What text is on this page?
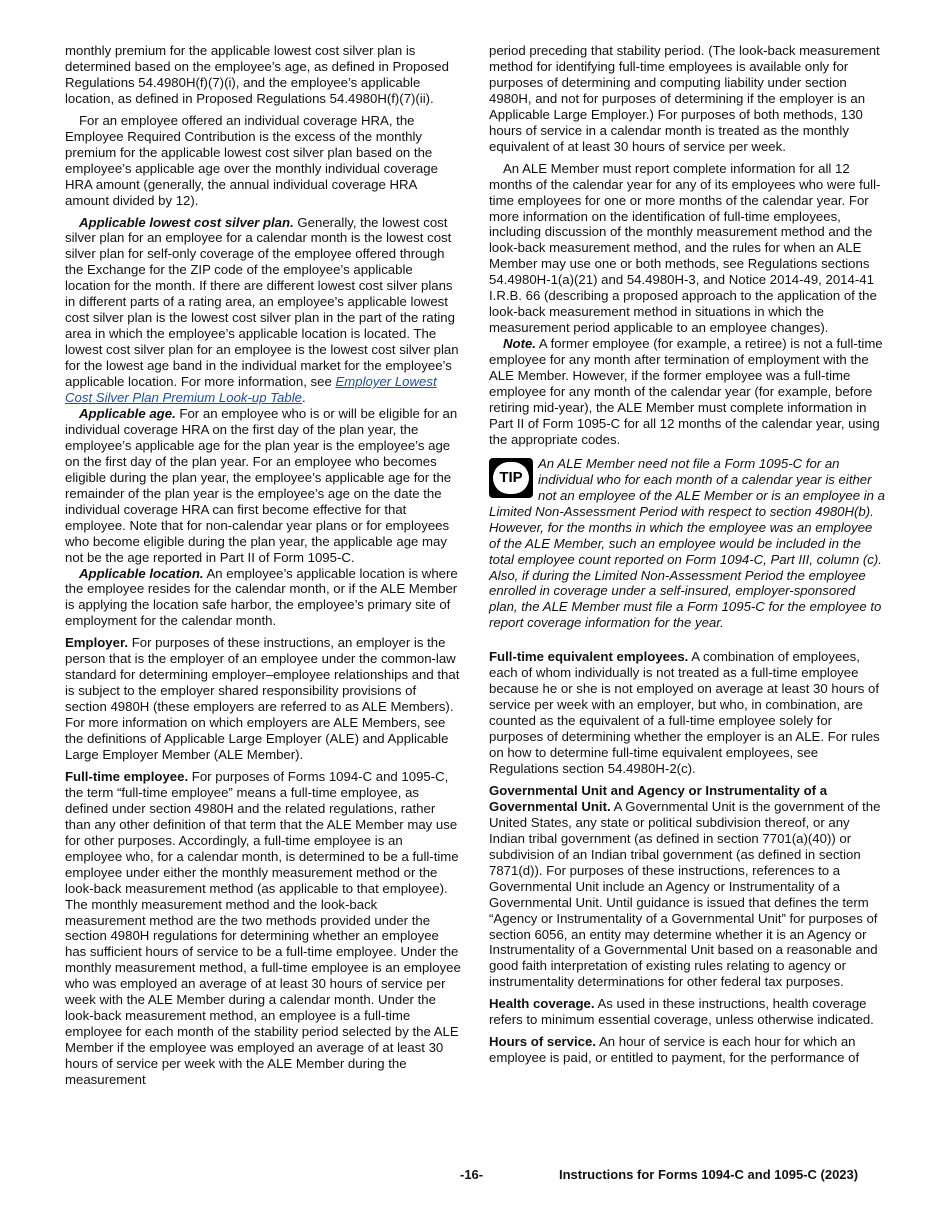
monthly premium for the applicable lowest cost silver plan is determined based on the employee’s age, as defined in Proposed Regulations 54.4980H(f)(7)(i), and the employee’s applicable location, as defined in Proposed Regulations 54.4980H(f)(7)(ii).

For an employee offered an individual coverage HRA, the Employee Required Contribution is the excess of the monthly premium for the applicable lowest cost silver plan based on the employee’s applicable age over the monthly individual coverage HRA amount (generally, the annual individual coverage HRA amount divided by 12).

Applicable lowest cost silver plan. Generally, the lowest cost silver plan for an employee for a calendar month is the lowest cost silver plan for self-only coverage of the employee offered through the Exchange for the ZIP code of the employee’s applicable location for the month. If there are different lowest cost silver plans in different parts of a rating area, an employee’s applicable lowest cost silver plan is the lowest cost silver plan in the part of the rating area in which the employee’s applicable location is located. The lowest cost silver plan for an employee is the lowest cost silver plan for the lowest age band in the individual market for the employee’s applicable location. For more information, see Employer Lowest Cost Silver Plan Premium Look-up Table.

Applicable age. For an employee who is or will be eligible for an individual coverage HRA on the first day of the plan year, the employee’s applicable age for the plan year is the employee’s age on the first day of the plan year. For an employee who becomes eligible during the plan year, the employee’s applicable age for the remainder of the plan year is the employee’s age on the date the individual coverage HRA can first become effective for that employee. Note that for non-calendar year plans or for employees who become eligible during the plan year, the applicable age may not be the age reported in Part II of Form 1095-C.

Applicable location. An employee’s applicable location is where the employee resides for the calendar month, or if the ALE Member is applying the location safe harbor, the employee’s primary site of employment for the calendar month.

Employer. For purposes of these instructions, an employer is the person that is the employer of an employee under the common-law standard for determining employer–employee relationships and that is subject to the employer shared responsibility provisions of section 4980H (these employers are referred to as ALE Members). For more information on which employers are ALE Members, see the definitions of Applicable Large Employer (ALE) and Applicable Large Employer Member (ALE Member).

Full-time employee. For purposes of Forms 1094-C and 1095-C, the term “full-time employee” means a full-time employee, as defined under section 4980H and the related regulations, rather than any other definition of that term that the ALE Member may use for other purposes. Accordingly, a full-time employee is an employee who, for a calendar month, is determined to be a full-time employee under either the monthly measurement method or the look-back measurement method (as applicable to that employee). The monthly measurement method and the look-back measurement method are the two methods provided under the section 4980H regulations for determining whether an employee has sufficient hours of service to be a full-time employee. Under the monthly measurement method, a full-time employee is an employee who was employed an average of at least 30 hours of service per week with the ALE Member during a calendar month. Under the look-back measurement method, an employee is a full-time employee for each month of the stability period selected by the ALE Member if the employee was employed an average of at least 30 hours of service per week with the ALE Member during the measurement

period preceding that stability period. (The look-back measurement method for identifying full-time employees is available only for purposes of determining and computing liability under section 4980H, and not for purposes of determining if the employer is an Applicable Large Employer.) For purposes of both methods, 130 hours of service in a calendar month is treated as the monthly equivalent of at least 30 hours of service per week.

An ALE Member must report complete information for all 12 months of the calendar year for any of its employees who were full-time employees for one or more months of the calendar year. For more information on the identification of full-time employees, including discussion of the monthly measurement method and the look-back measurement method, and the rules for when an ALE Member may use one or both methods, see Regulations sections 54.4980H-1(a)(21) and 54.4980H-3, and Notice 2014-49, 2014-41 I.R.B. 66 (describing a proposed approach to the application of the look-back measurement method in situations in which the measurement period applicable to an employee changes).

Note. A former employee (for example, a retiree) is not a full-time employee for any month after termination of employment with the ALE Member. However, if the former employee was a full-time employee for any month of the calendar year (for example, before retiring mid-year), the ALE Member must complete information in Part II of Form 1095-C for all 12 months of the calendar year, using the appropriate codes.

TIP
An ALE Member need not file a Form 1095-C for an individual who for each month of a calendar year is either not an employee of the ALE Member or is an employee in a Limited Non-Assessment Period with respect to section 4980H(b). However, for the months in which the employee was an employee of the ALE Member, such an employee would be included in the total employee count reported on Form 1094-C, Part III, column (c). Also, if during the Limited Non-Assessment Period the employee enrolled in coverage under a self-insured, employer-sponsored plan, the ALE Member must file a Form 1095-C for the employee to report coverage information for the year.

Full-time equivalent employees. A combination of employees, each of whom individually is not treated as a full-time employee because he or she is not employed on average at least 30 hours of service per week with an employer, but who, in combination, are counted as the equivalent of a full-time employee solely for purposes of determining whether the employer is an ALE. For rules on how to determine full-time equivalent employees, see Regulations section 54.4980H-2(c).

Governmental Unit and Agency or Instrumentality of a Governmental Unit. A Governmental Unit is the government of the United States, any state or political subdivision thereof, or any Indian tribal government (as defined in section 7701(a)(40)) or subdivision of an Indian tribal government (as defined in section 7871(d)). For purposes of these instructions, references to a Governmental Unit include an Agency or Instrumentality of a Governmental Unit. Until guidance is issued that defines the term “Agency or Instrumentality of a Governmental Unit” for purposes of section 6056, an entity may determine whether it is an Agency or Instrumentality of a Governmental Unit based on a reasonable and good faith interpretation of existing rules relating to agency or instrumentality determinations for other federal tax purposes.

Health coverage. As used in these instructions, health coverage refers to minimum essential coverage, unless otherwise indicated.

Hours of service. An hour of service is each hour for which an employee is paid, or entitled to payment, for the performance of

-16-	Instructions for Forms 1094-C and 1095-C (2023)
